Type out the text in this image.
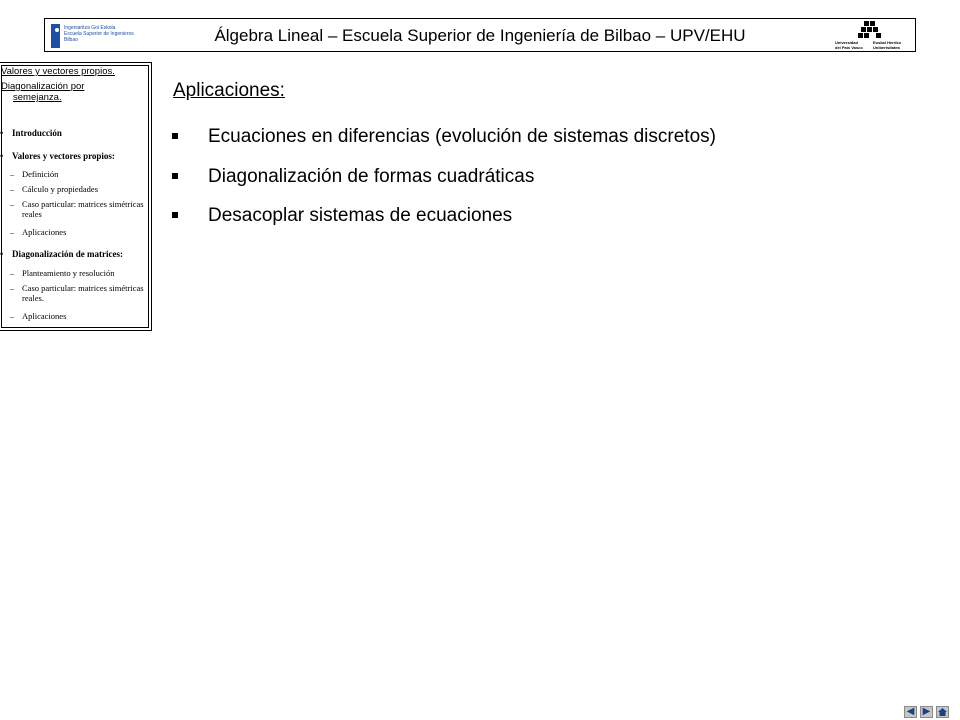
Ingeniaritza Goi Eskola
Escuela Superior de Ingenieros
Bilbao	Álgebra Lineal – Escuela Superior de Ingeniería de Bilbao – UPV/EHU	Universidad
del País Vasco
Euskal Herriko
Unibertsitatea
Valores y vectores propios.
Diagonalización por
semejanza.
• Introducción
• Valores y vectores propios:
– Definición
– Cálculo y propiedades
– Caso particular: matrices simétricas reales
– Aplicaciones
• Diagonalización de matrices:
– Planteamiento y resolución
– Caso particular: matrices simétricas reales.
– Aplicaciones
Aplicaciones:
Ecuaciones en diferencias (evolución de sistemas discretos)
Diagonalización de formas cuadráticas
Desacoplar sistemas de ecuaciones
◀ ▶
